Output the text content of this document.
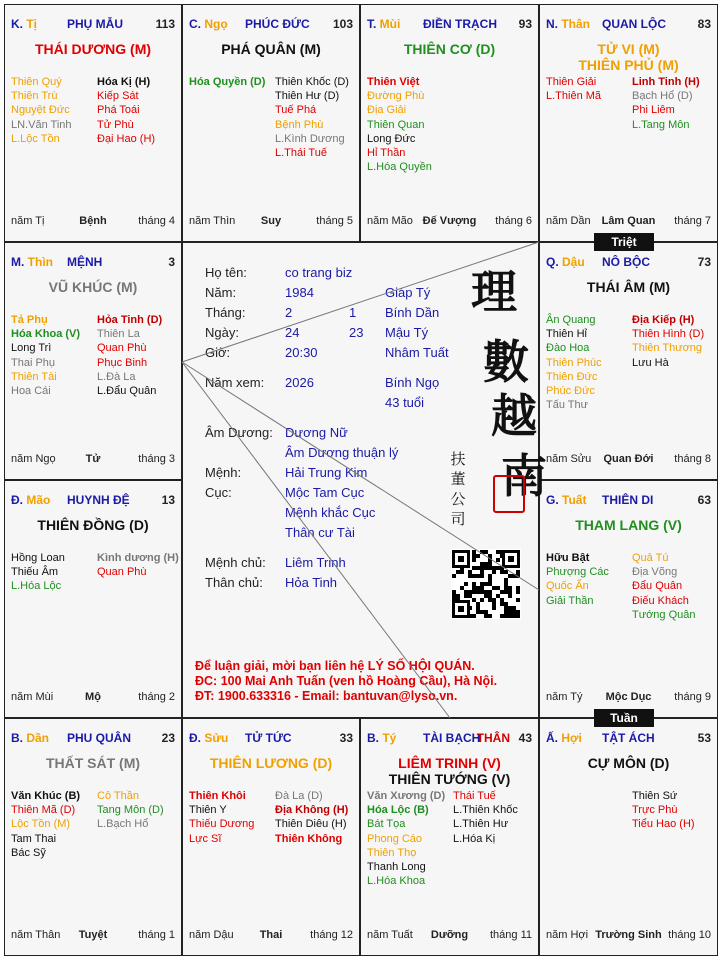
K. Tị PHỤ MẪU	113
THÁI DƯƠNG (M)
Thiên Quý
Thiên Trù
Nguyệt Đức
LN.Văn Tinh
L.Lộc Tồn
Hóa Kị (H)
Kiếp Sát
Phá Toái
Tử Phù
Đại Hao (H)
năm Tị	Bệnh	tháng 4
C. Ngọ PHÚC ĐỨC 103
PHÁ QUÂN (M)
Hóa Quyền (D) Thiên Khốc (D)
Thiên Hư (D)
Tuế Phá
Bệnh Phù
L.Kình Dương
L.Thái Tuế
năm Thìn	Suy	tháng 5
T. Mùi ĐIỀN TRẠCH 93
THIÊN CƠ (D)
Thiên Việt
Đường Phù
Địa Giải
Thiên Quan
Long Đức
Hỉ Thần
L.Hóa Quyền
năm Mão Đế Vượng	tháng 6
N. Thân QUAN LỘC	83
TỬ VI (M)
THIÊN PHỦ (M)
Thiên Giải
L.Thiên Mã
Linh Tinh (H)
Bạch Hổ (D)
Phi Liêm
L.Tang Môn
năm Dần Lâm Quan	tháng 7
Q. Dậu NÔ BỘC	73
THÁI ÂM (M)
Ân Quang
Thiên Hỉ
Đào Hoa
Thiên Phúc
Thiên Đức
Phúc Đức
Tấu Thư
Địa Kiếp (H)
Thiên Hình (D)
Thiên Thương
Lưu Hà
năm Sửu	Quan Đới	tháng 8
G. Tuất THIÊN DI	63
THAM LANG (V)
Hữu Bật
Phượng Các
Quốc Ấn
Giải Thần
Quả Tú
Địa Võng
Đẩu Quân
Điếu Khách
Tướng Quân
năm Tý	Mộc Dục	tháng 9
Ấ. Hợi TẬT ÁCH	53
CỰ MÔN (D)
Thiên Sứ
Trực Phù
Tiểu Hao (H)
năm Hợi Trường Sinh tháng 10
B. Tý TÀI BẠCH	43
THÂN
LIÊM TRINH (V)
THIÊN TƯỚNG (V)
Văn Xương (D)
Hóa Lộc (B)
Bát Tọa
Phong Cáo
Thiên Thọ
Thanh Long
L.Hóa Khoa
Thái Tuế
L.Thiên Khốc
L.Thiên Hư
L.Hóa Kị
năm Tuất	Dưỡng	tháng 11
Đ. Sửu TỬ TỨC	33
THIÊN LƯƠNG (D)
Thiên Khôi
Thiên Y
Thiếu Dương
Lực Sĩ
Đà La (D)
Địa Không (H)
Thiên Diêu (H)
Thiên Không
năm Dậu	Thai	tháng 12
B. Dần PHU QUÂN	23
THẤT SÁT (M)
Văn Khúc (B)
Thiên Mã (D)
Lộc Tồn (M)
Tam Thai
Bác Sỹ
Cô Thần
Tang Môn (D)
L.Bạch Hổ
năm Thân	Tuyệt	tháng 1
Đ. Mão HUYNH ĐỆ	13
THIÊN ĐỒNG (D)
Hồng Loan
Thiếu Âm
L.Hóa Lộc
Kình dương (H)
Quan Phù
năm Mùi	Mộ	tháng 2
M. Thìn MỆNH	3
VŨ KHÚC (M)
Tả Phụ
Hóa Khoa (V)
Long Trì
Thai Phụ
Thiên Tài
Hoa Cái
Hỏa Tinh (D)
Thiên La
Quan Phù
Phục Binh
L.Đà La
L.Đẩu Quân
năm Ngọ	Tử	tháng 3
Họ tên:	co trang biz
Năm:	1984	Giáp Tý
Tháng:	2	1 Bính Dần
Ngày:	24	23 Mậu Tý
Giờ:	20:30	Nhâm Tuất
Năm xem: 2026	Bính Ngọ
43 tuổi
Âm Dương: Dương Nữ
Âm Dương thuận lý
Mệnh:	Hải Trung Kim
Cục:	Mộc Tam Cục
Mệnh khắc Cục
Thân cư Tài
Mệnh chủ: Liêm Trinh
Thân chủ: Hỏa Tinh
理
數
越
南
扶
董
公
司
Để luận giải, mời bạn liên hệ LÝ SỐ HỘI QUÁN.
ĐC: 100 Mai Anh Tuấn (ven hồ Hoàng Cầu), Hà Nội.
ĐT: 1900.633316 - Email: bantuvan@lyso.vn.
Triệt
Tuần
